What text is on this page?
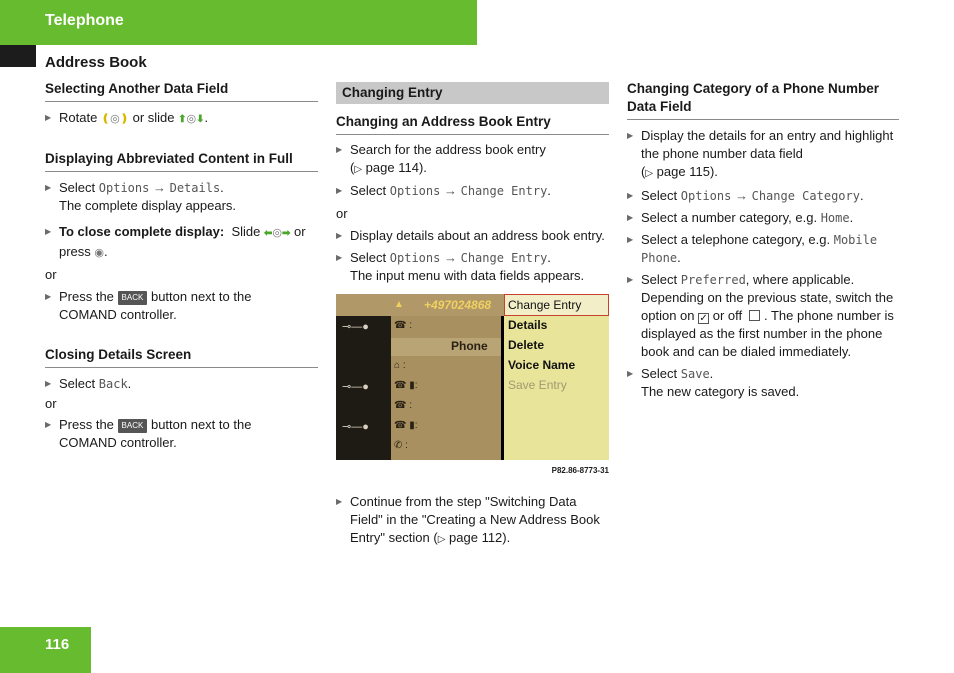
Telephone
Address Book
Selecting Another Data Field
▶ Rotate ❪◎❫ or slide ⬆◎⬇.
Displaying Abbreviated Content in Full
▶ Select Options → Details.
The complete display appears.
▶ To close complete display: Slide ⬅◎➡ or press ◉.
or
▶ Press the BACK button next to the
COMAND controller.
Closing Details Screen
▶ Select Back.
or
▶ Press the BACK button next to the
COMAND controller.
Changing Entry
Changing an Address Book Entry
▶ Search for the address book entry
(▷ page 114).
▶ Select Options → Change Entry.
or
▶ Display details about an address book entry.
▶ Select Options → Change Entry.
The input menu with data fields appears.
▲ +497024868
Phone
Change Entry
Details
Delete
Voice Name
Save Entry
☎ :
⌂ :
☎ ▮:
☎ :
☎ ▮:
✆ :
⊸—●
⊸—●
⊸—●
P82.86-8773-31
▶ Continue from the step "Switching Data Field" in the "Creating a New Address Book Entry" section (▷ page 112).
Changing Category of a Phone Number Data Field
▶ Display the details for an entry and highlight the phone number data field
(▷ page 115).
▶ Select Options → Change Category.
▶ Select a number category, e.g. Home.
▶ Select a telephone category, e.g. Mobile Phone.
▶ Select Preferred, where applicable. Depending on the previous state, switch the option on ✓ or off . The phone number is displayed as the first number in the phone book and can be dialed immediately.
▶ Select Save.
The new category is saved.
116
